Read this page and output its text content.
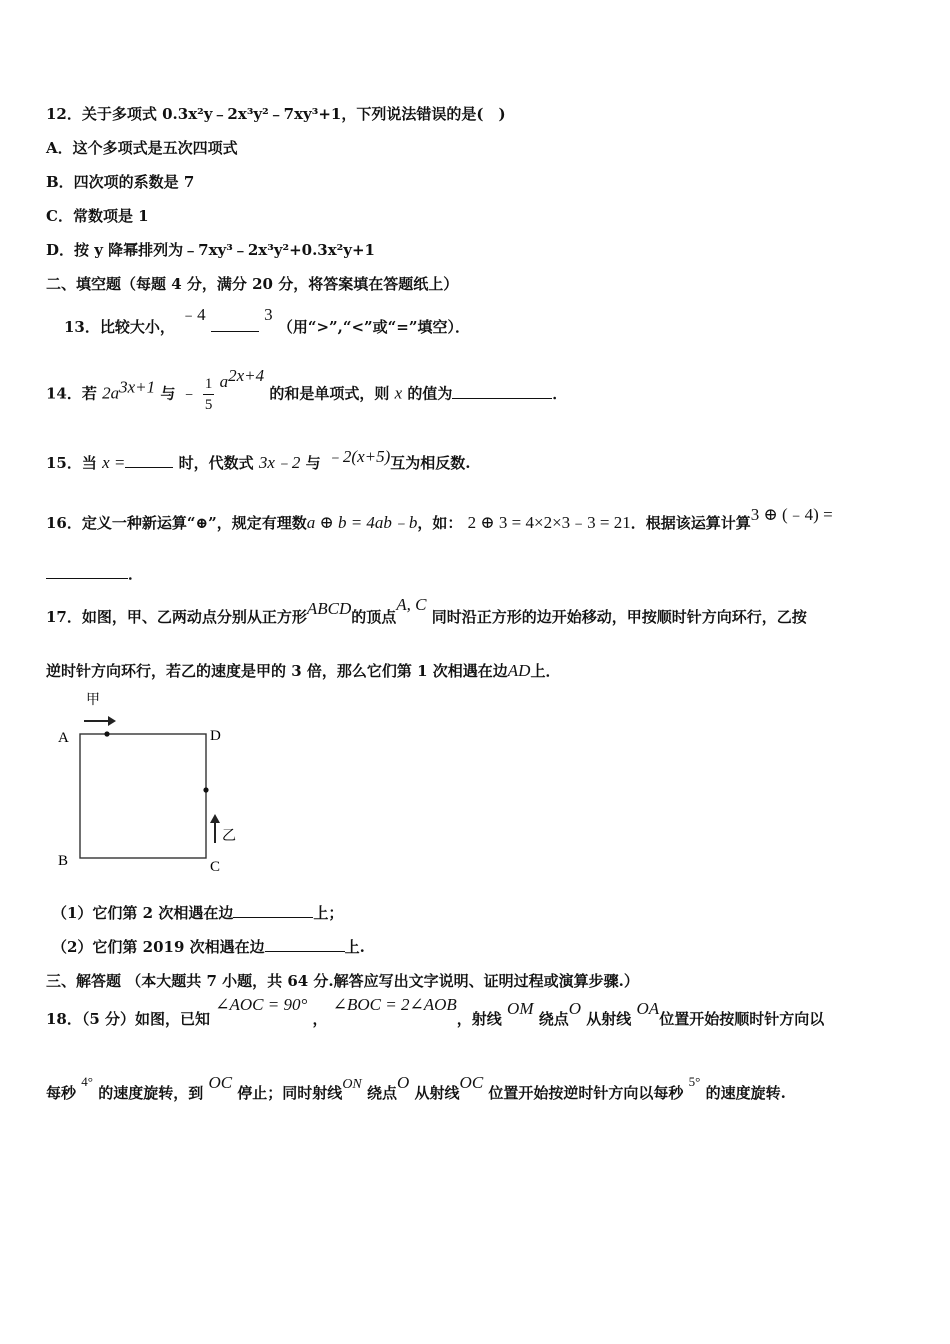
12．关于多项式 0.3x²y﹣2x³y²﹣7xy³+1，下列说法错误的是(　)
A．这个多项式是五次四项式
B．四次项的系数是 7
C．常数项是 1
D．按 y 降幂排列为﹣7xy³﹣2x³y²+0.3x²y+1
二、填空题（每题 4 分，满分 20 分，将答案填在答题纸上）
13．比较大小， ﹣4	3 （用“>”,“<”或“=”填空）．
14．若 $2a^{3x+1}$ 与 ﹣ $\frac{1}{5} a^{2x+4}$ 的和是单项式，则 x 的值为	．
15．当 x =	时，代数式 3x﹣2 与 ﹣2(x+5)互为相反数.
16．定义一种新运算“⊕”，规定有理数a ⊕ b = 4ab﹣b，如： 2 ⊕ 3 = 4×2×3﹣3 = 21．根据该运算计算3 ⊕ (﹣4) =
．
17．如图，甲、乙两动点分别从正方形ABCD的顶点A, C 同时沿正方形的边开始移动，甲按顺时针方向环行，乙按
逆时针方向环行，若乙的速度是甲的 3 倍，那么它们第 1 次相遇在边AD上．
甲
A	D
B	C
乙
（1）它们第 2 次相遇在边	上；
（2）它们第 2019 次相遇在边	上.
三、解答题 （本大题共 7 小题，共 64 分.解答应写出文字说明、证明过程或演算步骤.）
18．（5 分）如图，已知 ∠AOC = 90° ， ∠BOC = 2∠AOB，射线 OM 绕点O 从射线 OA位置开始按顺时针方向以
每秒 4° 的速度旋转，到 OC 停止；同时射线ON 绕点O 从射线OC 位置开始按逆时针方向以每秒 5° 的速度旋转.
